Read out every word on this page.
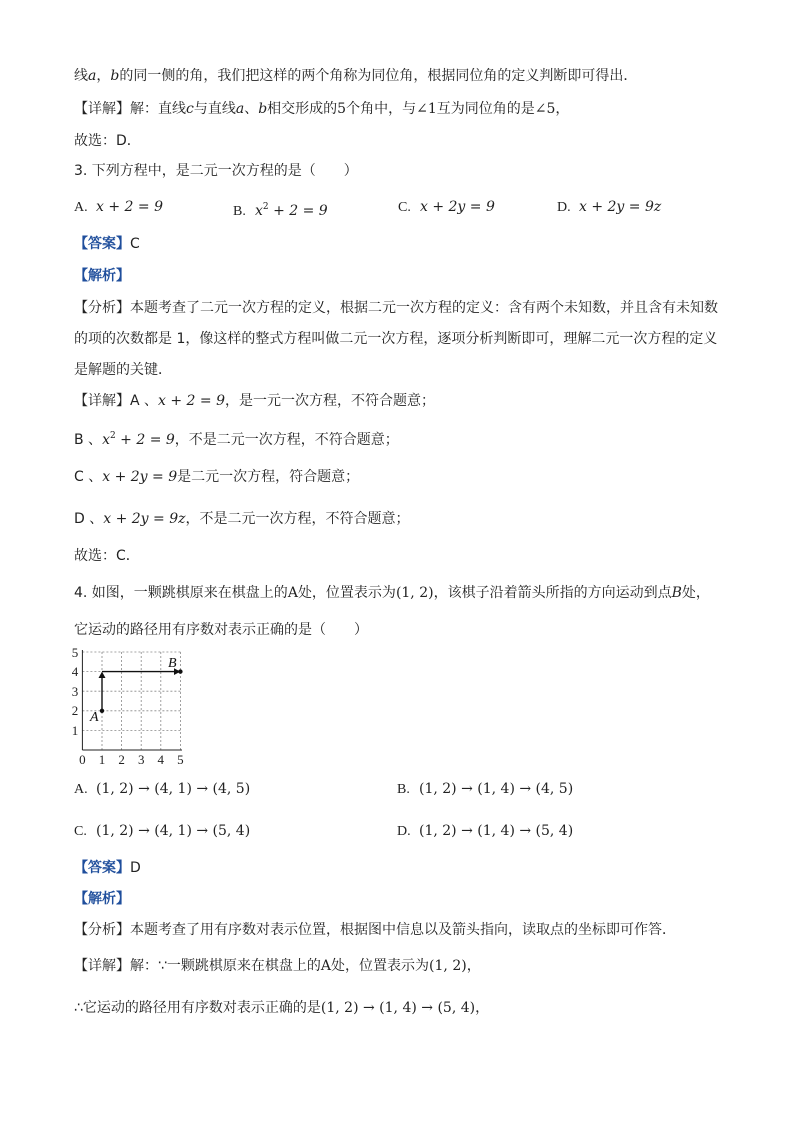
线a，b的同一侧的角，我们把这样的两个角称为同位角，根据同位角的定义判断即可得出．
【详解】解：直线c与直线a、b相交形成的5个角中，与∠1互为同位角的是∠5，
故选：D．
3. 下列方程中，是二元一次方程的是（　　）
A. x + 2 = 9	B. $x^2 + 2 = 9$	C. x + 2y = 9	D. x + 2y = 9z
【答案】C
【解析】
【分析】本题考查了二元一次方程的定义，根据二元一次方程的定义：含有两个未知数，并且含有未知数
的项的次数都是 1，像这样的整式方程叫做二元一次方程，逐项分析判断即可，理解二元一次方程的定义
是解题的关键．
【详解】A 、x + 2 = 9，是一元一次方程，不符合题意；
B 、$x^2 + 2 = 9$，不是二元一次方程，不符合题意；
C 、x + 2y = 9是二元一次方程，符合题意；
D 、x + 2y = 9z，不是二元一次方程，不符合题意；
故选：C．
4. 如图，一颗跳棋原来在棋盘上的A处，位置表示为(1, 2)，该棋子沿着箭头所指的方向运动到点B处，
它运动的路径用有序数对表示正确的是（　　）
0 1 2 3 4 5
1
2
3
4
5
A
B
A. (1, 2) → (4, 1) → (4, 5)	B. (1, 2) → (1, 4) → (4, 5)
C. (1, 2) → (4, 1) → (5, 4)	D. (1, 2) → (1, 4) → (5, 4)
【答案】D
【解析】
【分析】本题考查了用有序数对表示位置，根据图中信息以及箭头指向，读取点的坐标即可作答．
【详解】解：∵一颗跳棋原来在棋盘上的A处，位置表示为(1, 2)，
∴它运动的路径用有序数对表示正确的是(1, 2) → (1, 4) → (5, 4)，
